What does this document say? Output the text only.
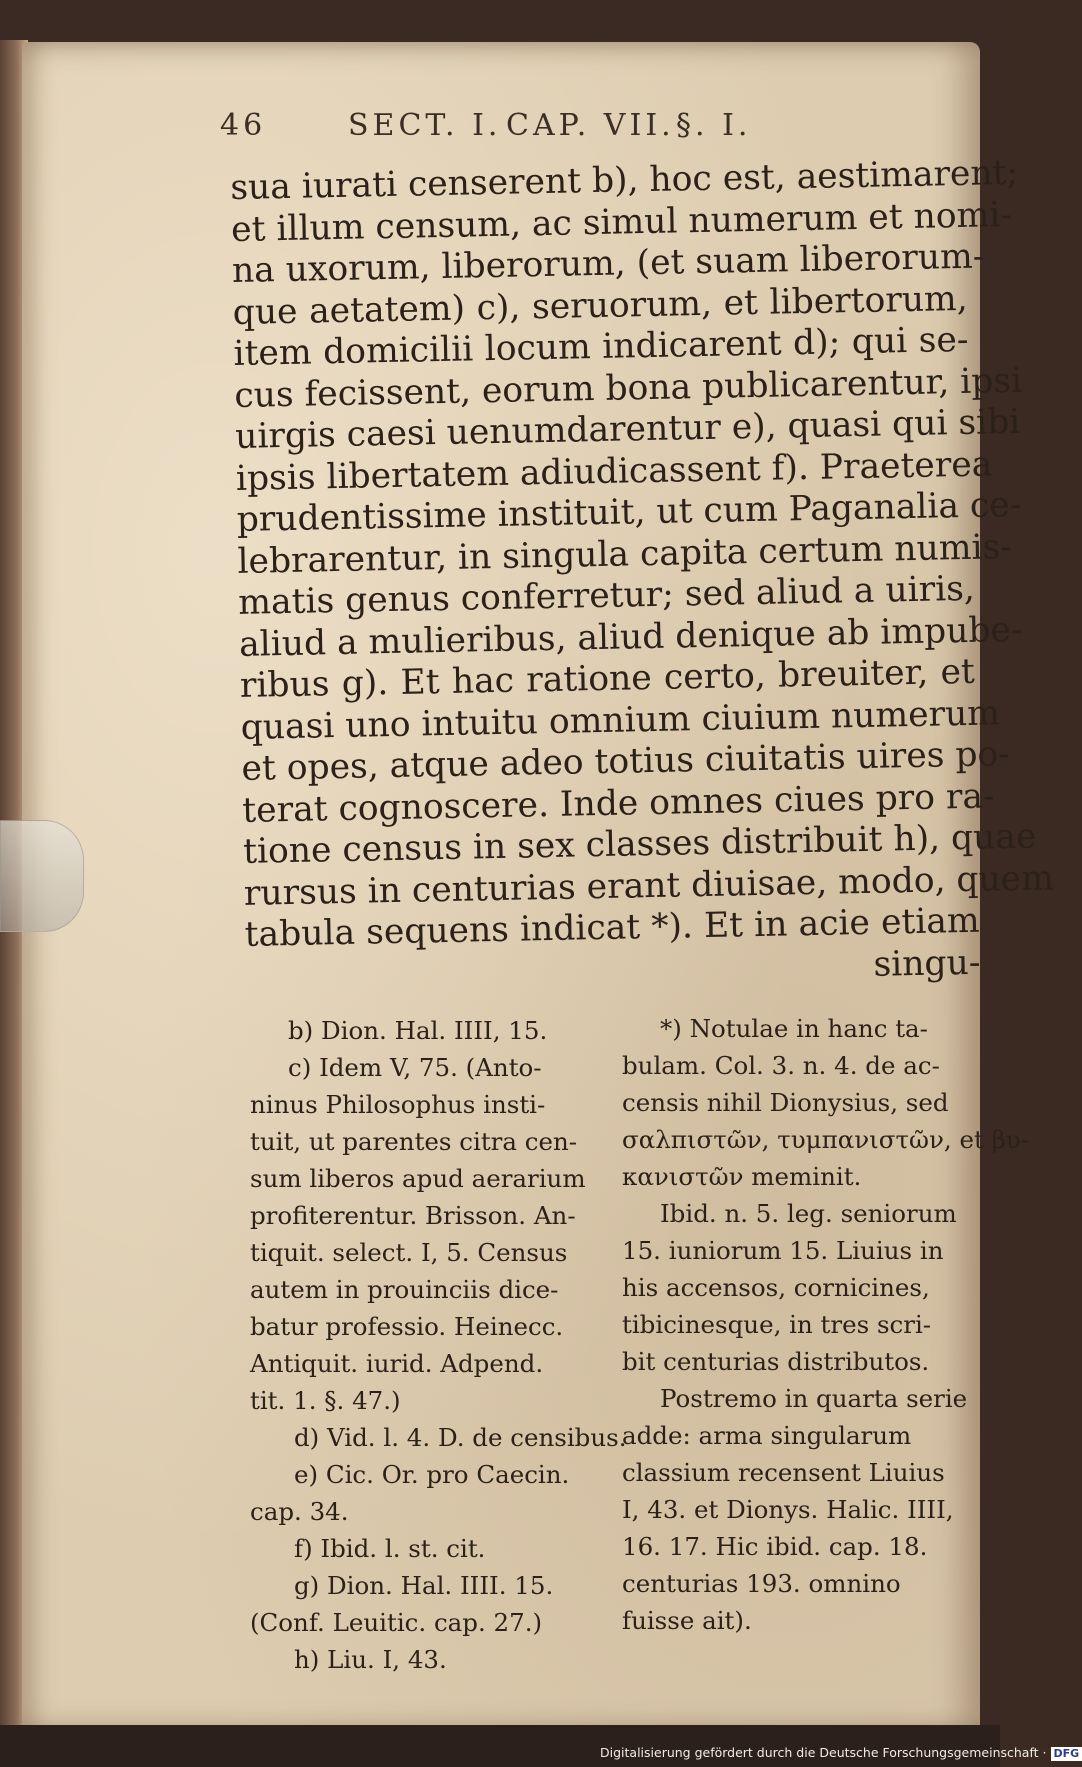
46	SECT. I. CAP. VII. §. I.
sua iurati censerent b), hoc est, aestimarent;
et illum censum, ac simul numerum et nomi-
na uxorum, liberorum, (et suam liberorum-
que aetatem) c), seruorum, et libertorum,
item domicilii locum indicarent d); qui se-
cus fecissent, eorum bona publicarentur, ipsi
uirgis caesi uenumdarentur e), quasi qui sibi
ipsis libertatem adiudicassent f). Praeterea
prudentissime instituit, ut cum Paganalia ce-
lebrarentur, in singula capita certum numis-
matis genus conferretur; sed aliud a uiris,
aliud a mulieribus, aliud denique ab impube-
ribus g). Et hac ratione certo, breuiter, et
quasi uno intuitu omnium ciuium numerum
et opes, atque adeo totius ciuitatis uires po-
terat cognoscere. Inde omnes ciues pro ra-
tione census in sex classes distribuit h), quae
rursus in centurias erant diuisae, modo, quem
tabula sequens indicat *). Et in acie etiam
singu-
b) Dion. Hal. IIII, 15.
c) Idem V, 75. (Anto-
ninus Philosophus insti-
tuit, ut parentes citra cen-
sum liberos apud aerarium
profiterentur. Brisson. An-
tiquit. select. I, 5. Census
autem in prouinciis dice-
batur professio. Heinecc.
Antiquit. iurid. Adpend.
tit. 1. §. 47.)
d) Vid. l. 4. D. de censibus.
e) Cic. Or. pro Caecin.
cap. 34.
f) Ibid. l. st. cit.
g) Dion. Hal. IIII. 15.
(Conf. Leuitic. cap. 27.)
h) Liu. I, 43.
*) Notulae in hanc ta-
bulam. Col. 3. n. 4. de ac-
censis nihil Dionysius, sed
σαλπιστῶν, τυμπανιστῶν, et βυ-
κανιστῶν meminit.
Ibid. n. 5. leg. seniorum
15. iuniorum 15. Liuius in
his accensos, cornicines,
tibicinesque, in tres scri-
bit centurias distributos.
Postremo in quarta serie
adde: arma singularum
classium recensent Liuius
I, 43. et Dionys. Halic. IIII,
16. 17. Hic ibid. cap. 18.
centurias 193. omnino
fuisse ait).
Digitalisierung gefördert durch die Deutsche Forschungsgemeinschaft · DFG
